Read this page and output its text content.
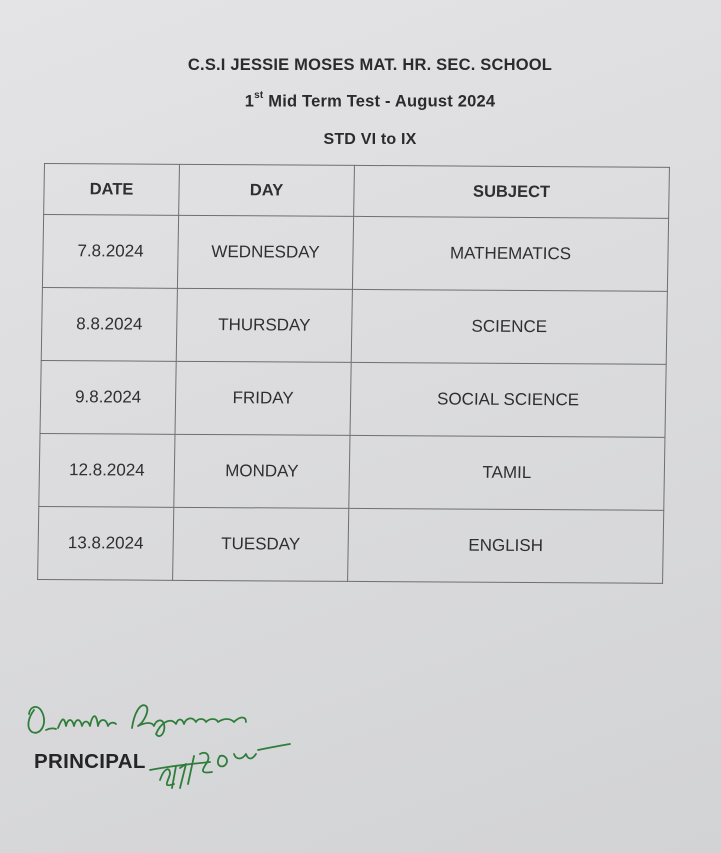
C.S.I JESSIE MOSES MAT. HR. SEC. SCHOOL
1st Mid Term Test - August 2024
STD VI to IX
DATE	DAY	SUBJECT
7.8.2024	WEDNESDAY	MATHEMATICS
8.8.2024	THURSDAY	SCIENCE
9.8.2024	FRIDAY	SOCIAL SCIENCE
12.8.2024	MONDAY	TAMIL
13.8.2024	TUESDAY	ENGLISH
PRINCIPAL
